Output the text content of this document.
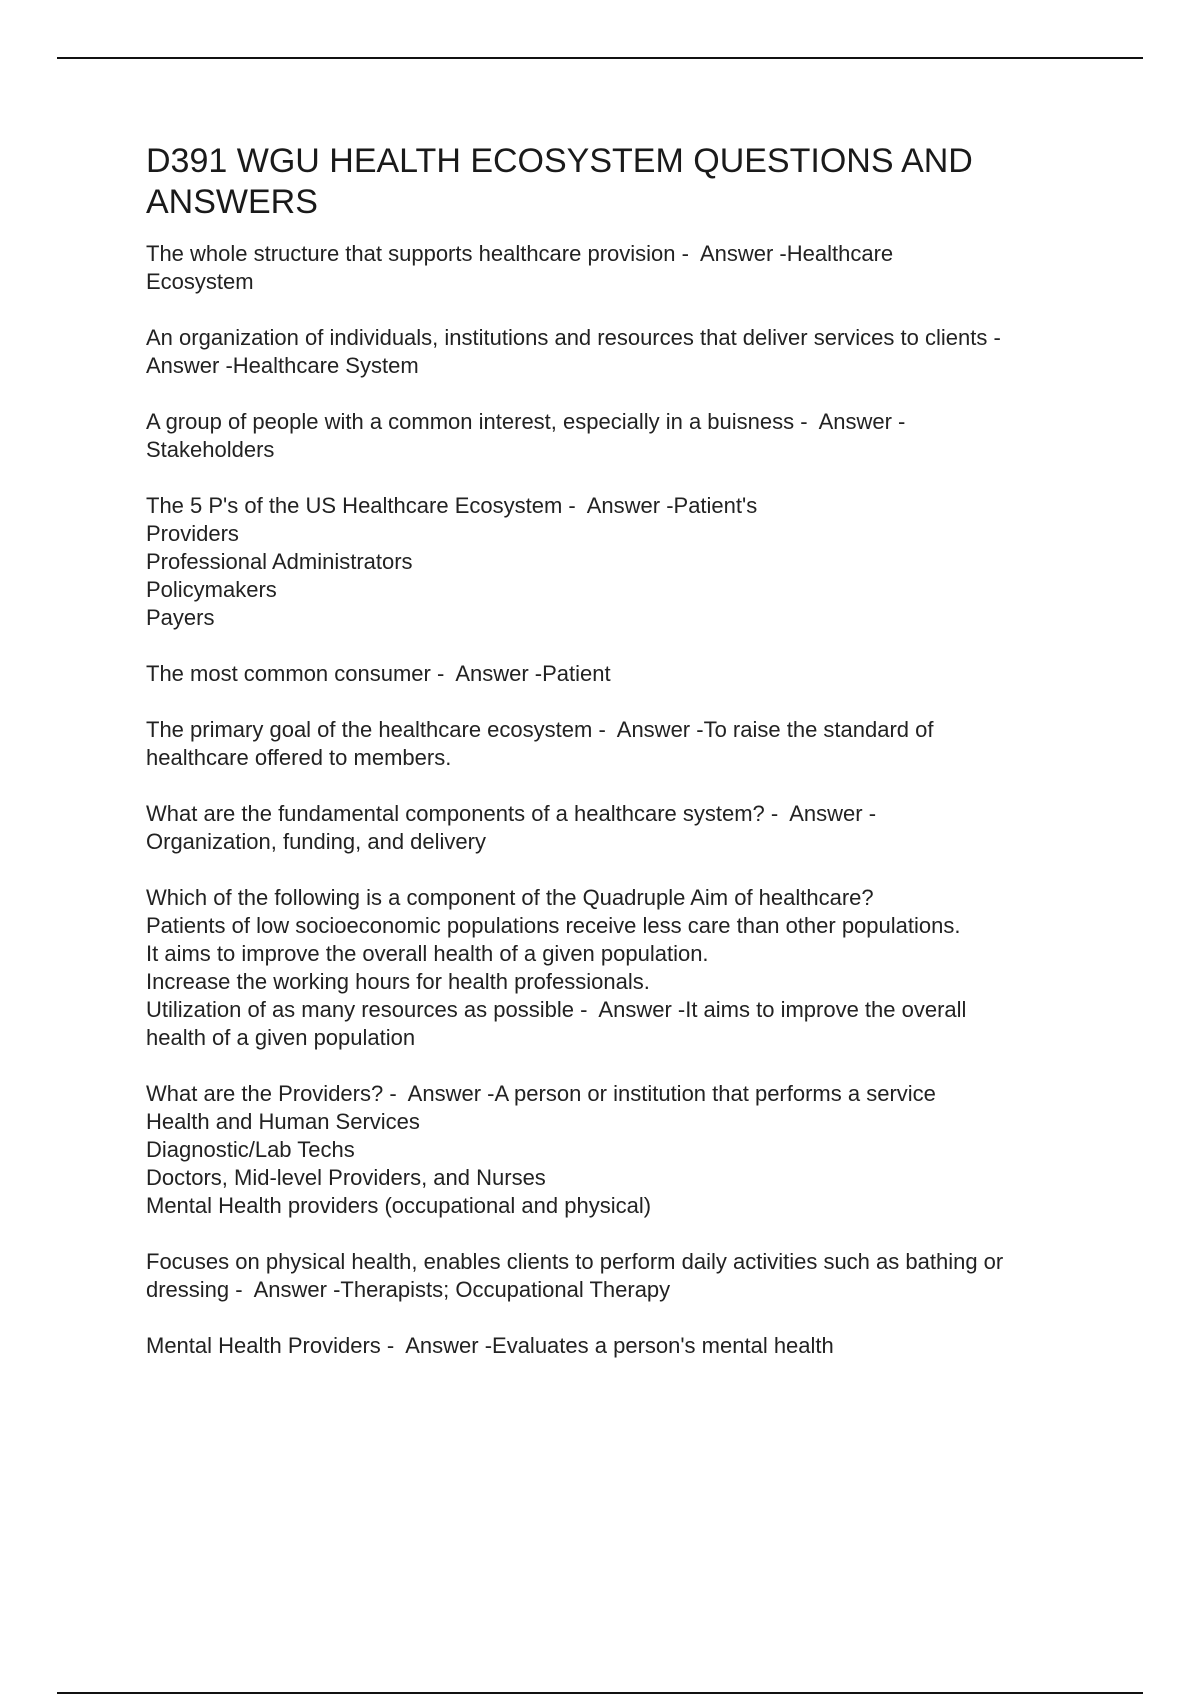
D391 WGU HEALTH ECOSYSTEM QUESTIONS AND ANSWERS

The whole structure that supports healthcare provision -  Answer -Healthcare
Ecosystem

An organization of individuals, institutions and resources that deliver services to clients -
Answer -Healthcare System

A group of people with a common interest, especially in a buisness -  Answer -
Stakeholders

The 5 P's of the US Healthcare Ecosystem -  Answer -Patient's
Providers
Professional Administrators
Policymakers
Payers

The most common consumer -  Answer -Patient

The primary goal of the healthcare ecosystem -  Answer -To raise the standard of
healthcare offered to members.

What are the fundamental components of a healthcare system? -  Answer -
Organization, funding, and delivery

Which of the following is a component of the Quadruple Aim of healthcare?
Patients of low socioeconomic populations receive less care than other populations.
It aims to improve the overall health of a given population.
Increase the working hours for health professionals.
Utilization of as many resources as possible -  Answer -It aims to improve the overall
health of a given population

What are the Providers? -  Answer -A person or institution that performs a service
Health and Human Services
Diagnostic/Lab Techs
Doctors, Mid-level Providers, and Nurses
Mental Health providers (occupational and physical)

Focuses on physical health, enables clients to perform daily activities such as bathing or
dressing -  Answer -Therapists; Occupational Therapy

Mental Health Providers -  Answer -Evaluates a person's mental health
